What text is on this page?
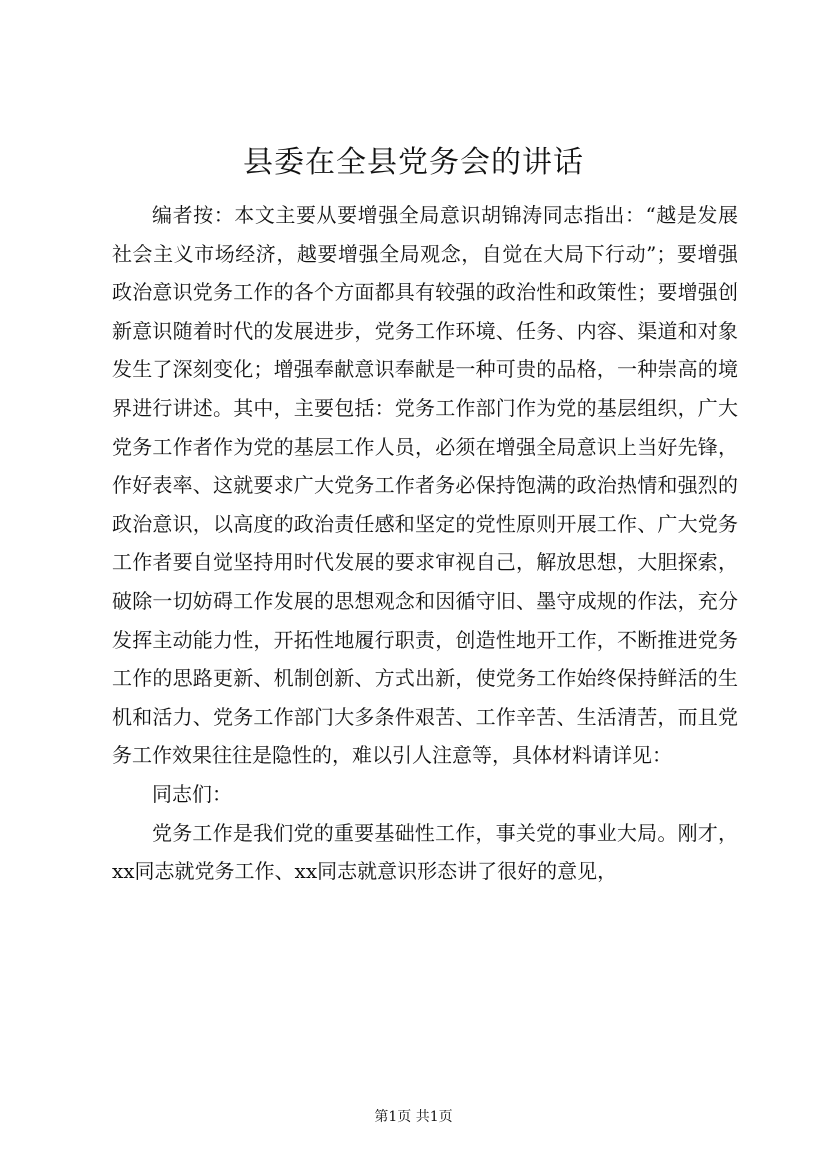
县委在全县党务会的讲话

编者按：本文主要从要增强全局意识胡锦涛同志指出：“越是发展社会主义市场经济，越要增强全局观念，自觉在大局下行动”；要增强政治意识党务工作的各个方面都具有较强的政治性和政策性；要增强创新意识随着时代的发展进步，党务工作环境、任务、内容、渠道和对象发生了深刻变化；增强奉献意识奉献是一种可贵的品格，一种崇高的境界进行讲述。其中，主要包括：党务工作部门作为党的基层组织，广大党务工作者作为党的基层工作人员，必须在增强全局意识上当好先锋，作好表率、这就要求广大党务工作者务必保持饱满的政治热情和强烈的政治意识，以高度的政治责任感和坚定的党性原则开展工作、广大党务工作者要自觉坚持用时代发展的要求审视自己，解放思想，大胆探索，破除一切妨碍工作发展的思想观念和因循守旧、墨守成规的作法，充分发挥主动能力性，开拓性地履行职责，创造性地开工作，不断推进党务工作的思路更新、机制创新、方式出新，使党务工作始终保持鲜活的生机和活力、党务工作部门大多条件艰苦、工作辛苦、生活清苦，而且党务工作效果往往是隐性的，难以引人注意等，具体材料请详见：

同志们：

党务工作是我们党的重要基础性工作，事关党的事业大局。刚才，xx同志就党务工作、xx同志就意识形态讲了很好的意见，

第1页 共1页
